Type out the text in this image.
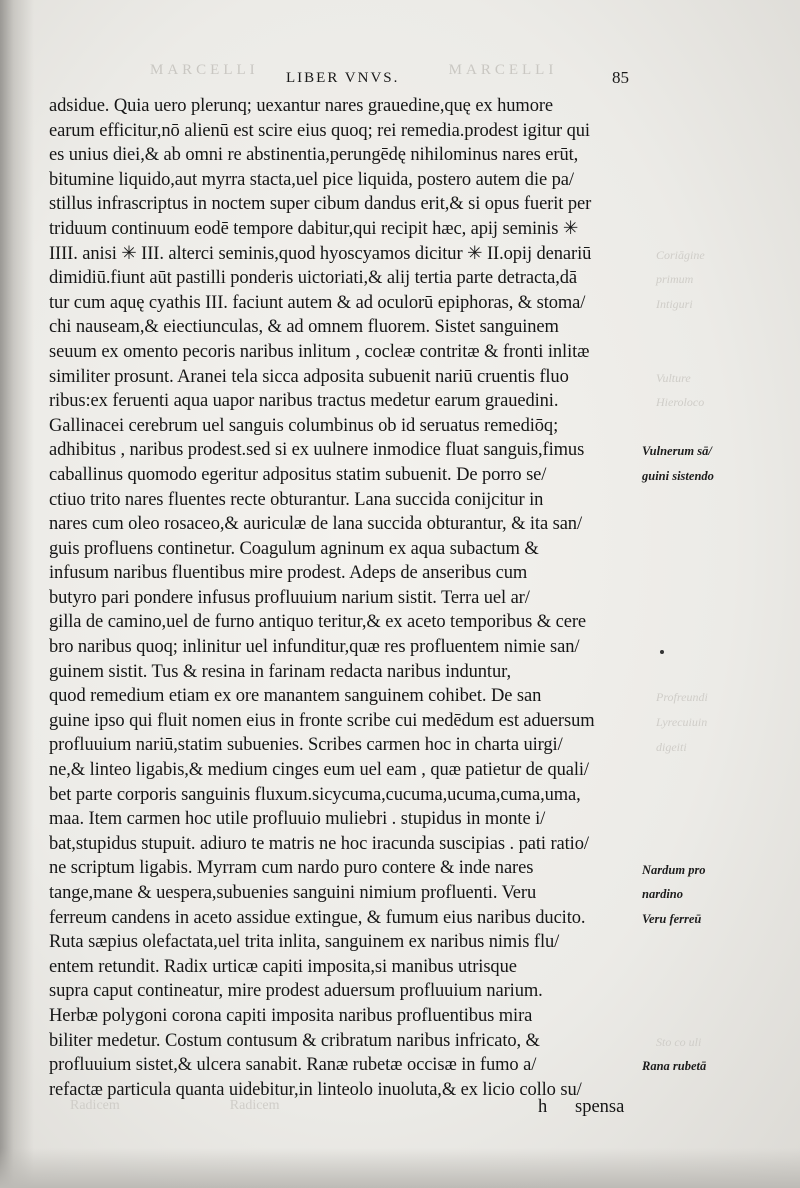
MARCELLI	MARCELLI
LIBER VNVS.	85
adsidue. Quia uero plerunq; uexantur nares grauedine,quę ex humore
earum efficitur,nō alienū est scire eius quoq; rei remedia.prodest igitur qui
es unius diei,& ab omni re abstinentia,perungēdę nihilominus nares erūt,
bitumine liquido,aut myrra stacta,uel pice liquida, postero autem die pa/
stillus infrascriptus in noctem super cibum dandus erit,& si opus fuerit per
triduum continuum eodē tempore dabitur,qui recipit hæc, apij seminis ✳
IIII. anisi ✳ III. alterci seminis,quod hyoscyamos dicitur ✳ II.opij denariū
dimidiū.fiunt aūt pastilli ponderis uictoriati,& alij tertia parte detracta,dā
tur cum aquę cyathis III. faciunt autem & ad oculorū epiphoras, & stoma/
chi nauseam,& eiectiunculas, & ad omnem fluorem. Sistet sanguinem
seuum ex omento pecoris naribus inlitum , cocleæ contritæ & fronti inlitæ
similiter prosunt. Aranei tela sicca adposita subuenit nariū cruentis fluo
ribus:ex feruenti aqua uapor naribus tractus medetur earum grauedini.
Gallinacei cerebrum uel sanguis columbinus ob id seruatus remediōq;
adhibitus , naribus prodest.sed si ex uulnere inmodice fluat sanguis,fimus
caballinus quomodo egeritur adpositus statim subuenit. De porro se/
ctiuo trito nares fluentes recte obturantur. Lana succida conijcitur in
nares cum oleo rosaceo,& auriculæ de lana succida obturantur, & ita san/
guis profluens continetur. Coagulum agninum ex aqua subactum &
infusum naribus fluentibus mire prodest. Adeps de anseribus cum
butyro pari pondere infusus profluuium narium sistit. Terra uel ar/
gilla de camino,uel de furno antiquo teritur,& ex aceto temporibus & cere
bro naribus quoq; inlinitur uel infunditur,quæ res profluentem nimie san/
guinem sistit. Tus & resina in farinam redacta naribus induntur,
quod remedium etiam ex ore manantem sanguinem cohibet. De san
guine ipso qui fluit nomen eius in fronte scribe cui medēdum est aduersum
profluuium nariū,statim subuenies. Scribes carmen hoc in charta uirgi/
ne,& linteo ligabis,& medium cinges eum uel eam , quæ patietur de quali/
bet parte corporis sanguinis fluxum.sicycuma,cucuma,ucuma,cuma,uma,
maa. Item carmen hoc utile profluuio muliebri . stupidus in monte i/
bat,stupidus stupuit. adiuro te matris ne hoc iracunda suscipias . pati ratio/
ne scriptum ligabis. Myrram cum nardo puro contere & inde nares
tange,mane & uespera,subuenies sanguini nimium profluenti. Veru
ferreum candens in aceto assidue extingue, & fumum eius naribus ducito.
Ruta sæpius olefactata,uel trita inlita, sanguinem ex naribus nimis flu/
entem retundit. Radix urticæ capiti imposita,si manibus utrisque
supra caput contineatur, mire prodest aduersum profluuium narium.
Herbæ polygoni corona capiti imposita naribus profluentibus mira
biliter medetur. Costum contusum & cribratum naribus infricato, &
profluuium sistet,& ulcera sanabit. Ranæ rubetæ occisæ in fumo a/
refactæ particula quanta uidebitur,in linteolo inuoluta,& ex licio collo su/
Vulnerum sā/
guini sistendo
Nardum pro
nardino
Veru ferreū
Rana rubetā
Coriāgine
primum
Intiguri
Vulture
Hieroloco
Profreundi
Lyrecuiuin
digeiti
Sto co uli
Radicem	Radicem	h spensa
